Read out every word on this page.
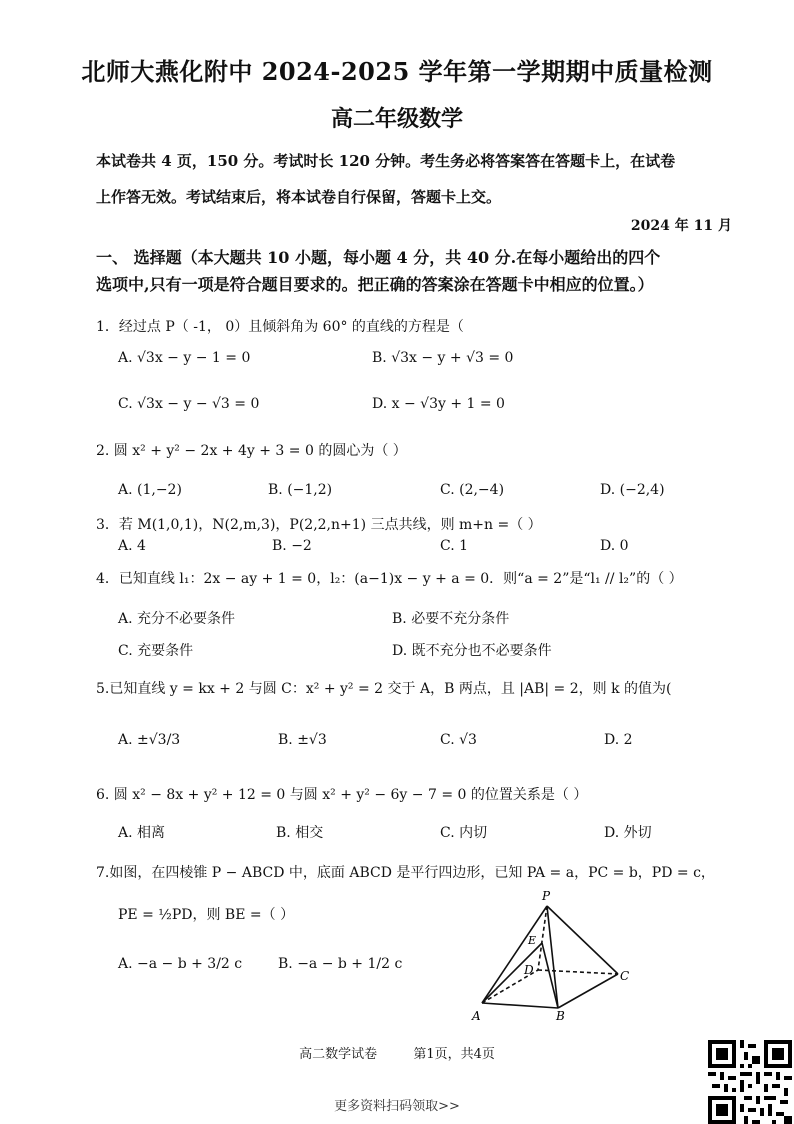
北师大燕化附中 2024-2025 学年第一学期期中质量检测
高二年级数学
本试卷共 4 页，150 分。考试时长 120 分钟。考生务必将答案答在答题卡上，在试卷
上作答无效。考试结束后，将本试卷自行保留，答题卡上交。
2024 年 11 月
一、 选择题（本大题共 10 小题，每小题 4 分，共 40 分.在每小题给出的四个
选项中,只有一项是符合题目要求的。把正确的答案涂在答题卡中相应的位置。）
1．经过点 P（ -1， 0）且倾斜角为 60° 的直线的方程是（
A. √3x − y − 1 = 0	B. √3x − y + √3 = 0
C. √3x − y − √3 = 0	D. x − √3y + 1 = 0
2. 圆 x² + y² − 2x + 4y + 3 = 0 的圆心为（ ）
A. (1,−2)	B. (−1,2)	C. (2,−4)	D. (−2,4)
3．若 M(1,0,1)，N(2,m,3)，P(2,2,n+1) 三点共线，则 m+n =（ ）
A. 4	B. −2	C. 1	D. 0
4．已知直线 l₁：2x − ay + 1 = 0，l₂：(a−1)x − y + a = 0．则“a = 2”是“l₁ // l₂”的（ ）
A. 充分不必要条件	B. 必要不充分条件
C. 充要条件	D. 既不充分也不必要条件
5.已知直线 y = kx + 2 与圆 C：x² + y² = 2 交于 A，B 两点，且 |AB| = 2，则 k 的值为(
A. ±√3/3	B. ±√3	C. √3	D. 2
6. 圆 x² − 8x + y² + 12 = 0 与圆 x² + y² − 6y − 7 = 0 的位置关系是（ ）
A. 相离	B. 相交	C. 内切	D. 外切
7.如图，在四棱锥 P − ABCD 中，底面 ABCD 是平行四边形，已知 PA = a，PC = b，PD = c，
PE = ½PD，则 BE =（ ）
A. −a − b + 3/2 c	B. −a − b + 1/2 c
P
D	C
A	B
E
高二数学试卷	第1页，共4页
更多资料扫码领取>>
